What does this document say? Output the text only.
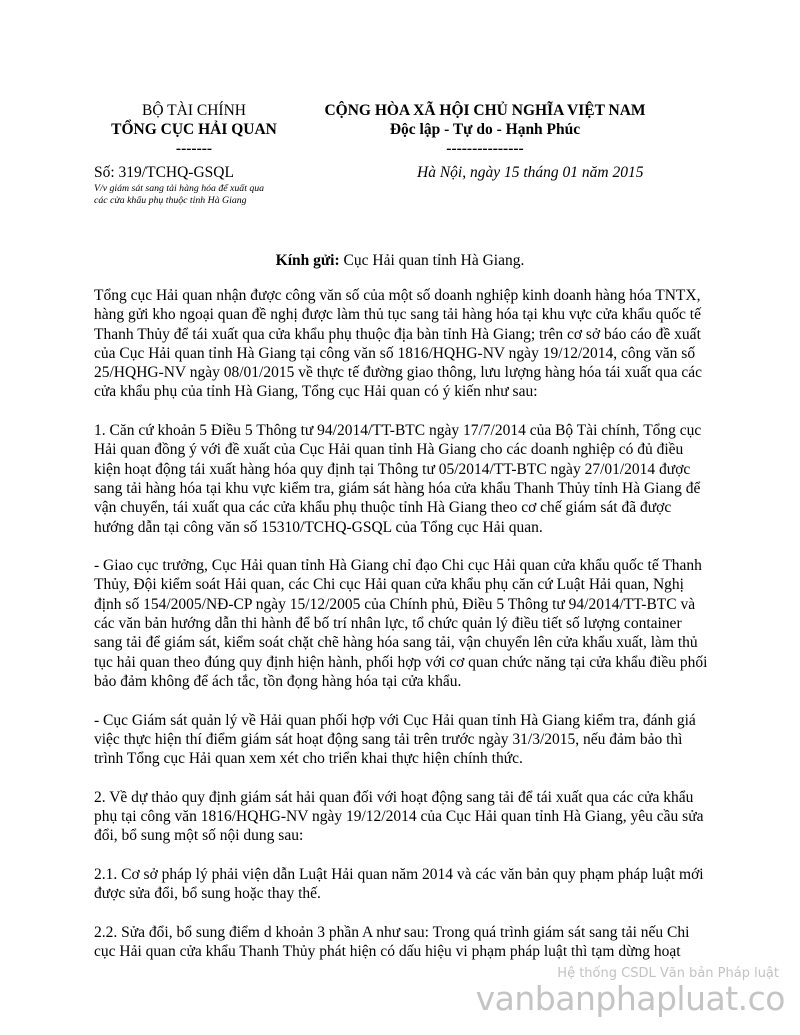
BỘ TÀI CHÍNH
TỔNG CỤC HẢI QUAN
-------
CỘNG HÒA XÃ HỘI CHỦ NGHĨA VIỆT NAM
Độc lập - Tự do - Hạnh Phúc
---------------
Số: 319/TCHQ-GSQL
V/v giám sát sang tải hàng hóa để xuất qua
các cửa khẩu phụ thuộc tỉnh Hà Giang
Hà Nội, ngày 15 tháng 01 năm 2015
Kính gửi: Cục Hải quan tỉnh Hà Giang.

Tổng cục Hải quan nhận được công văn số của một số doanh nghiệp kinh doanh hàng hóa TNTX, hàng gửi kho ngoại quan đề nghị được làm thủ tục sang tải hàng hóa tại khu vực cửa khẩu quốc tế Thanh Thủy để tái xuất qua cửa khẩu phụ thuộc địa bàn tỉnh Hà Giang; trên cơ sở báo cáo đề xuất của Cục Hải quan tỉnh Hà Giang tại công văn số 1816/HQHG-NV ngày 19/12/2014, công văn số 25/HQHG-NV ngày 08/01/2015 về thực tế đường giao thông, lưu lượng hàng hóa tái xuất qua các cửa khẩu phụ của tỉnh Hà Giang, Tổng cục Hải quan có ý kiến như sau:

1. Căn cứ khoản 5 Điều 5 Thông tư 94/2014/TT-BTC ngày 17/7/2014 của Bộ Tài chính, Tổng cục Hải quan đồng ý với đề xuất của Cục Hải quan tỉnh Hà Giang cho các doanh nghiệp có đủ điều kiện hoạt động tái xuất hàng hóa quy định tại Thông tư 05/2014/TT-BTC ngày 27/01/2014 được sang tải hàng hóa tại khu vực kiểm tra, giám sát hàng hóa cửa khẩu Thanh Thủy tỉnh Hà Giang để vận chuyển, tái xuất qua các cửa khẩu phụ thuộc tỉnh Hà Giang theo cơ chế giám sát đã được hướng dẫn tại công văn số 15310/TCHQ-GSQL của Tổng cục Hải quan.

- Giao cục trưởng, Cục Hải quan tỉnh Hà Giang chỉ đạo Chi cục Hải quan cửa khẩu quốc tế Thanh Thủy, Đội kiểm soát Hải quan, các Chi cục Hải quan cửa khẩu phụ căn cứ Luật Hải quan, Nghị định số 154/2005/NĐ-CP ngày 15/12/2005 của Chính phủ, Điều 5 Thông tư 94/2014/TT-BTC và các văn bản hướng dẫn thi hành để bố trí nhân lực, tổ chức quản lý điều tiết số lượng container sang tải để giám sát, kiểm soát chặt chẽ hàng hóa sang tải, vận chuyển lên cửa khẩu xuất, làm thủ tục hải quan theo đúng quy định hiện hành, phối hợp với cơ quan chức năng tại cửa khẩu điều phối bảo đảm không để ách tắc, tồn đọng hàng hóa tại cửa khẩu.

- Cục Giám sát quản lý về Hải quan phối hợp với Cục Hải quan tỉnh Hà Giang kiểm tra, đánh giá việc thực hiện thí điểm giám sát hoạt động sang tải trên trước ngày 31/3/2015, nếu đảm bảo thì trình Tổng cục Hải quan xem xét cho triển khai thực hiện chính thức.

2. Về dự thảo quy định giám sát hải quan đối với hoạt động sang tải để tái xuất qua các cửa khẩu phụ tại công văn 1816/HQHG-NV ngày 19/12/2014 của Cục Hải quan tỉnh Hà Giang, yêu cầu sửa đổi, bổ sung một số nội dung sau:

2.1. Cơ sở pháp lý phải viện dẫn Luật Hải quan năm 2014 và các văn bản quy phạm pháp luật mới được sửa đổi, bổ sung hoặc thay thế.

2.2. Sửa đổi, bổ sung điểm d khoản 3 phần A như sau: Trong quá trình giám sát sang tải nếu Chi cục Hải quan cửa khẩu Thanh Thủy phát hiện có dấu hiệu vi phạm pháp luật thì tạm dừng hoạt

Hệ thống CSDL Văn bản Pháp luật
vanbanphapluat.co
